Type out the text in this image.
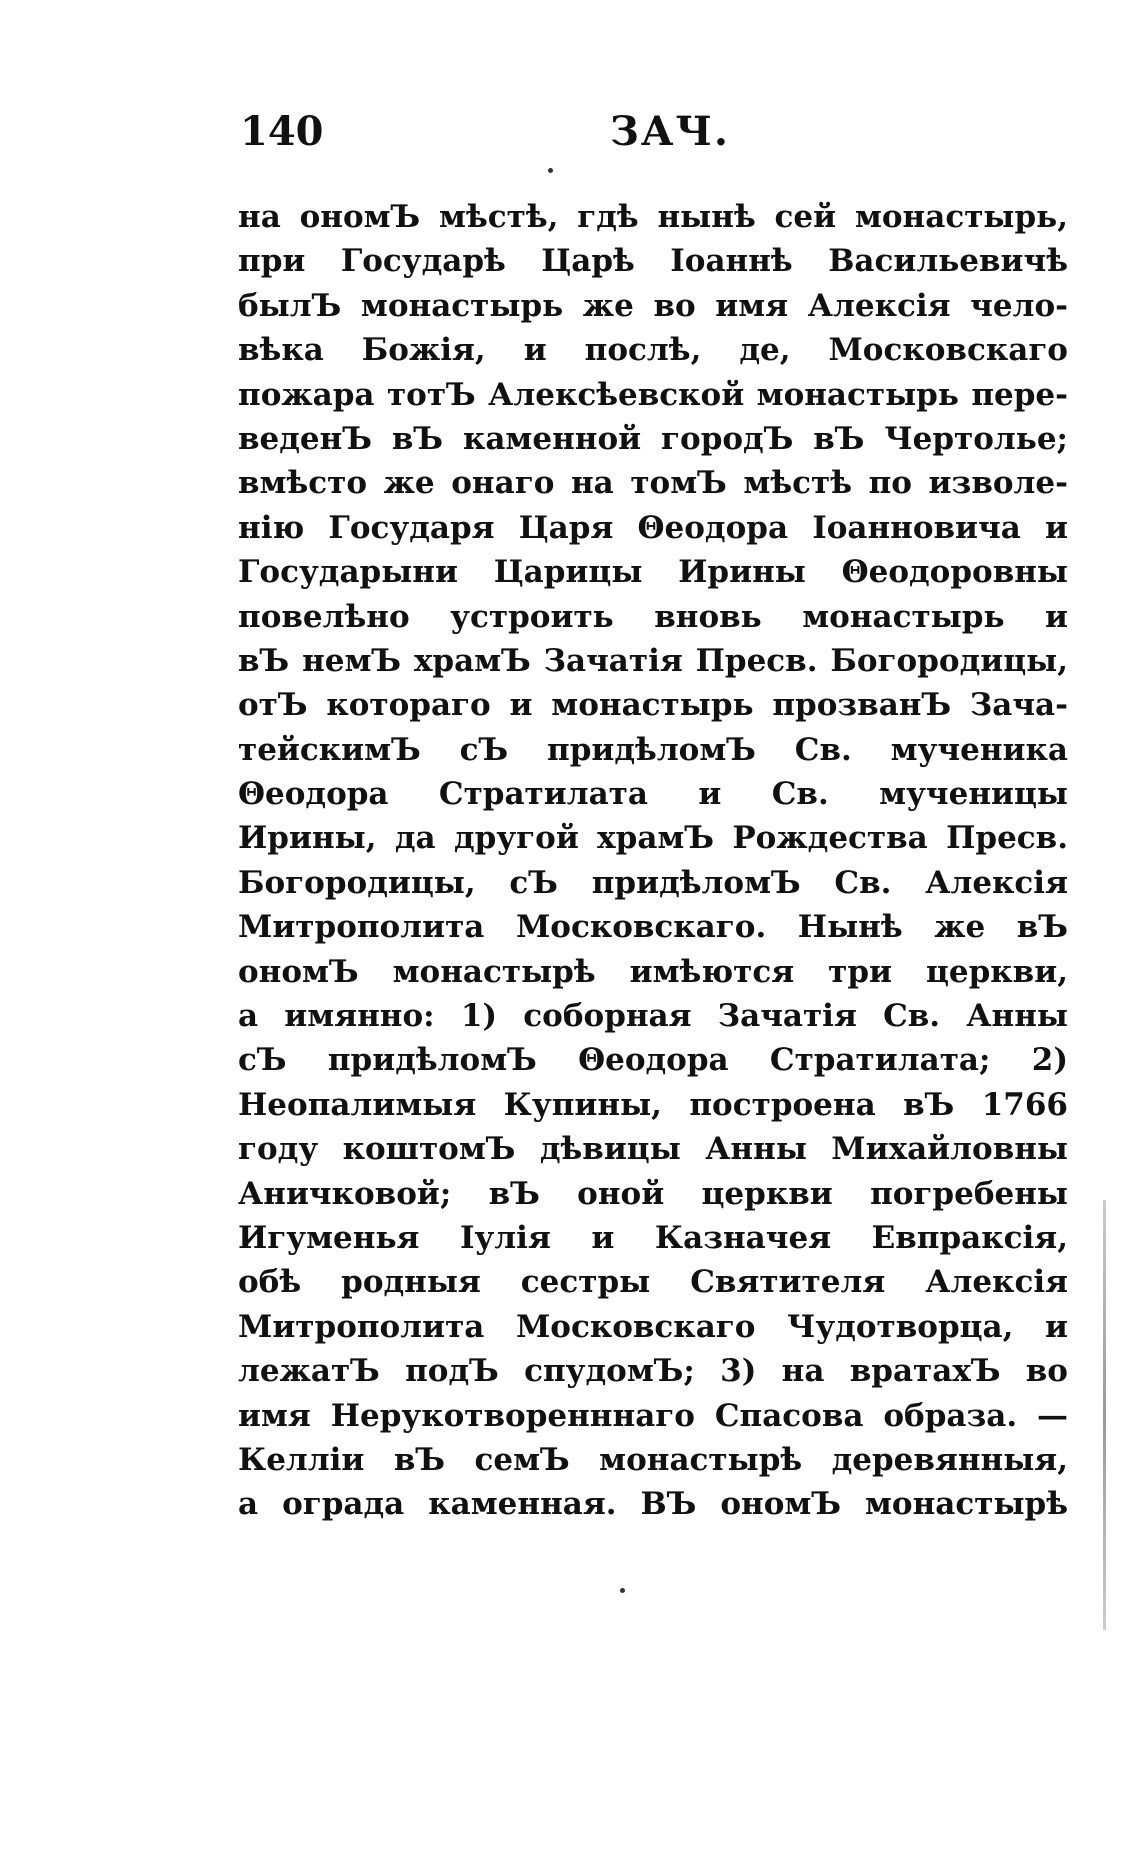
140	ЗАЧ.
на ономЪ мѣстѣ, гдѣ нынѣ сей монастырь,
при Государѣ Царѣ Іоаннѣ Васильевичѣ
былЪ монастырь же во имя Алексія чело-
вѣка Божія, и послѣ, де, Московскаго
пожара тотЪ Алексѣевской монастырь пере-
веденЪ вЪ каменной городЪ вЪ Чертолье;
вмѣсто же онаго на томЪ мѣстѣ по изволе-
нію Государя Царя Θеодора Іоанновича и
Государыни Царицы Ирины Θеодоровны
повелѣно устроить вновь монастырь и
вЪ немЪ храмЪ Зачатія Пресв. Богородицы,
отЪ котораго и монастырь прозванЪ Зача-
тейскимЪ сЪ придѣломЪ Св. мученика
Θеодора Стратилата и Св. мученицы
Ирины, да другой храмЪ Рождества Пресв.
Богородицы, сЪ придѣломЪ Св. Алексія
Митрополита Московскаго. Нынѣ же вЪ
ономЪ монастырѣ имѣются три церкви,
а имянно: 1) соборная Зачатія Св. Анны
сЪ придѣломЪ Θеодора Стратилата; 2)
Неопалимыя Купины, построена вЪ 1766
году коштомЪ дѣвицы Анны Михайловны
Аничковой; вЪ оной церкви погребены
Игуменья Іулія и Казначея Евпраксія,
обѣ родныя сестры Святителя Алексія
Митрополита Московскаго Чудотворца, и
лежатЪ подЪ спудомЪ; 3) на вратахЪ во
имя Нерукотворенннаго Спасова образа. —
Келліи вЪ семЪ монастырѣ деревянныя,
а ограда каменная. ВЪ ономЪ монастырѣ
